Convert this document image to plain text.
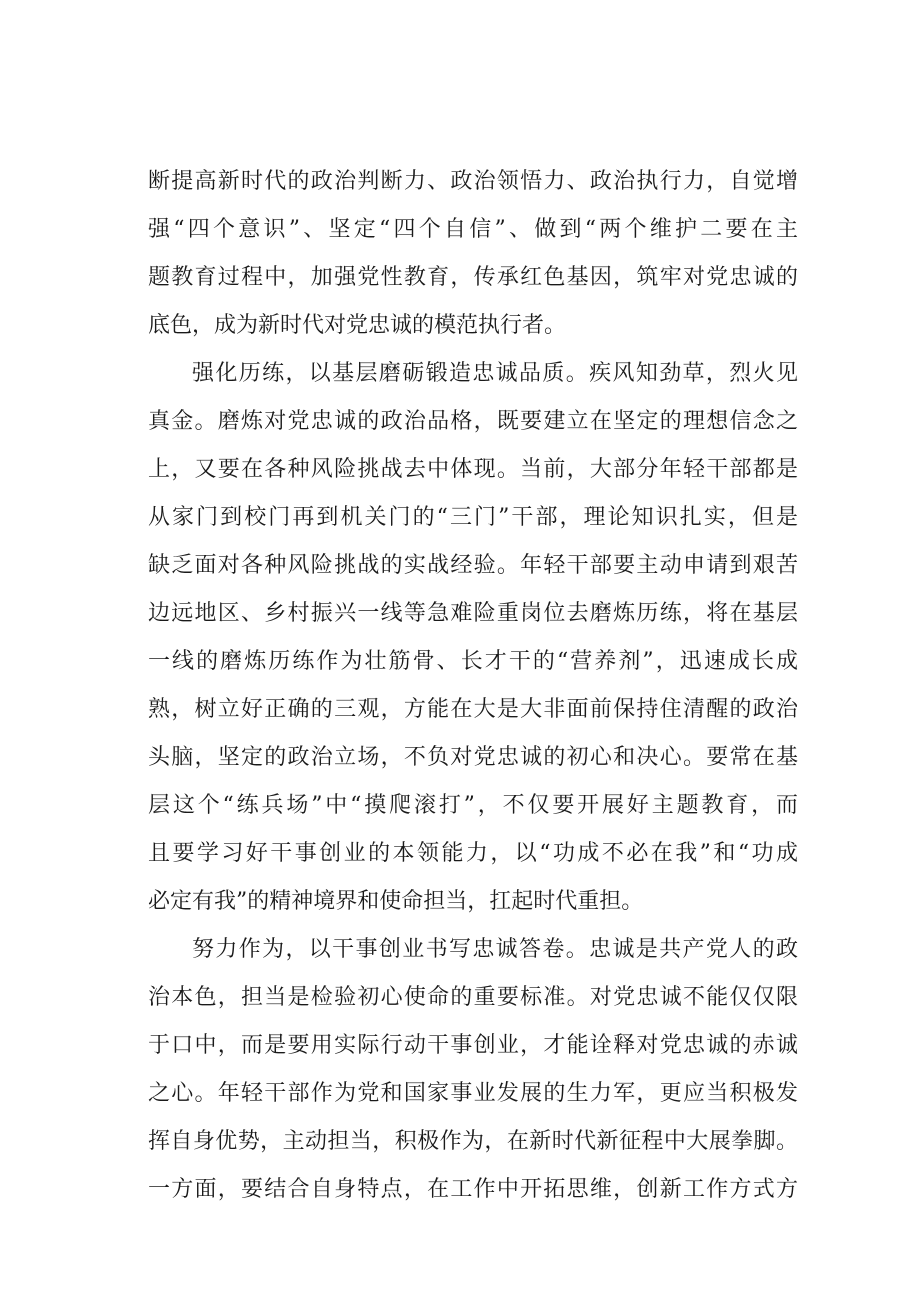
断提高新时代的政治判断力、政治领悟力、政治执行力，自觉增
强“四个意识”、坚定“四个自信”、做到“两个维护二要在主
题教育过程中，加强党性教育，传承红色基因，筑牢对党忠诚的
底色，成为新时代对党忠诚的模范执行者。
强化历练，以基层磨砺锻造忠诚品质。疾风知劲草，烈火见
真金。磨炼对党忠诚的政治品格，既要建立在坚定的理想信念之
上，又要在各种风险挑战去中体现。当前，大部分年轻干部都是
从家门到校门再到机关门的“三门”干部，理论知识扎实，但是
缺乏面对各种风险挑战的实战经验。年轻干部要主动申请到艰苦
边远地区、乡村振兴一线等急难险重岗位去磨炼历练，将在基层
一线的磨炼历练作为壮筋骨、长才干的“营养剂”，迅速成长成
熟，树立好正确的三观，方能在大是大非面前保持住清醒的政治
头脑，坚定的政治立场，不负对党忠诚的初心和决心。要常在基
层这个“练兵场”中“摸爬滚打”，不仅要开展好主题教育，而
且要学习好干事创业的本领能力，以“功成不必在我”和“功成
必定有我”的精神境界和使命担当，扛起时代重担。
努力作为，以干事创业书写忠诚答卷。忠诚是共产党人的政
治本色，担当是检验初心使命的重要标准。对党忠诚不能仅仅限
于口中，而是要用实际行动干事创业，才能诠释对党忠诚的赤诚
之心。年轻干部作为党和国家事业发展的生力军，更应当积极发
挥自身优势，主动担当，积极作为，在新时代新征程中大展拳脚。
一方面，要结合自身特点，在工作中开拓思维，创新工作方式方
